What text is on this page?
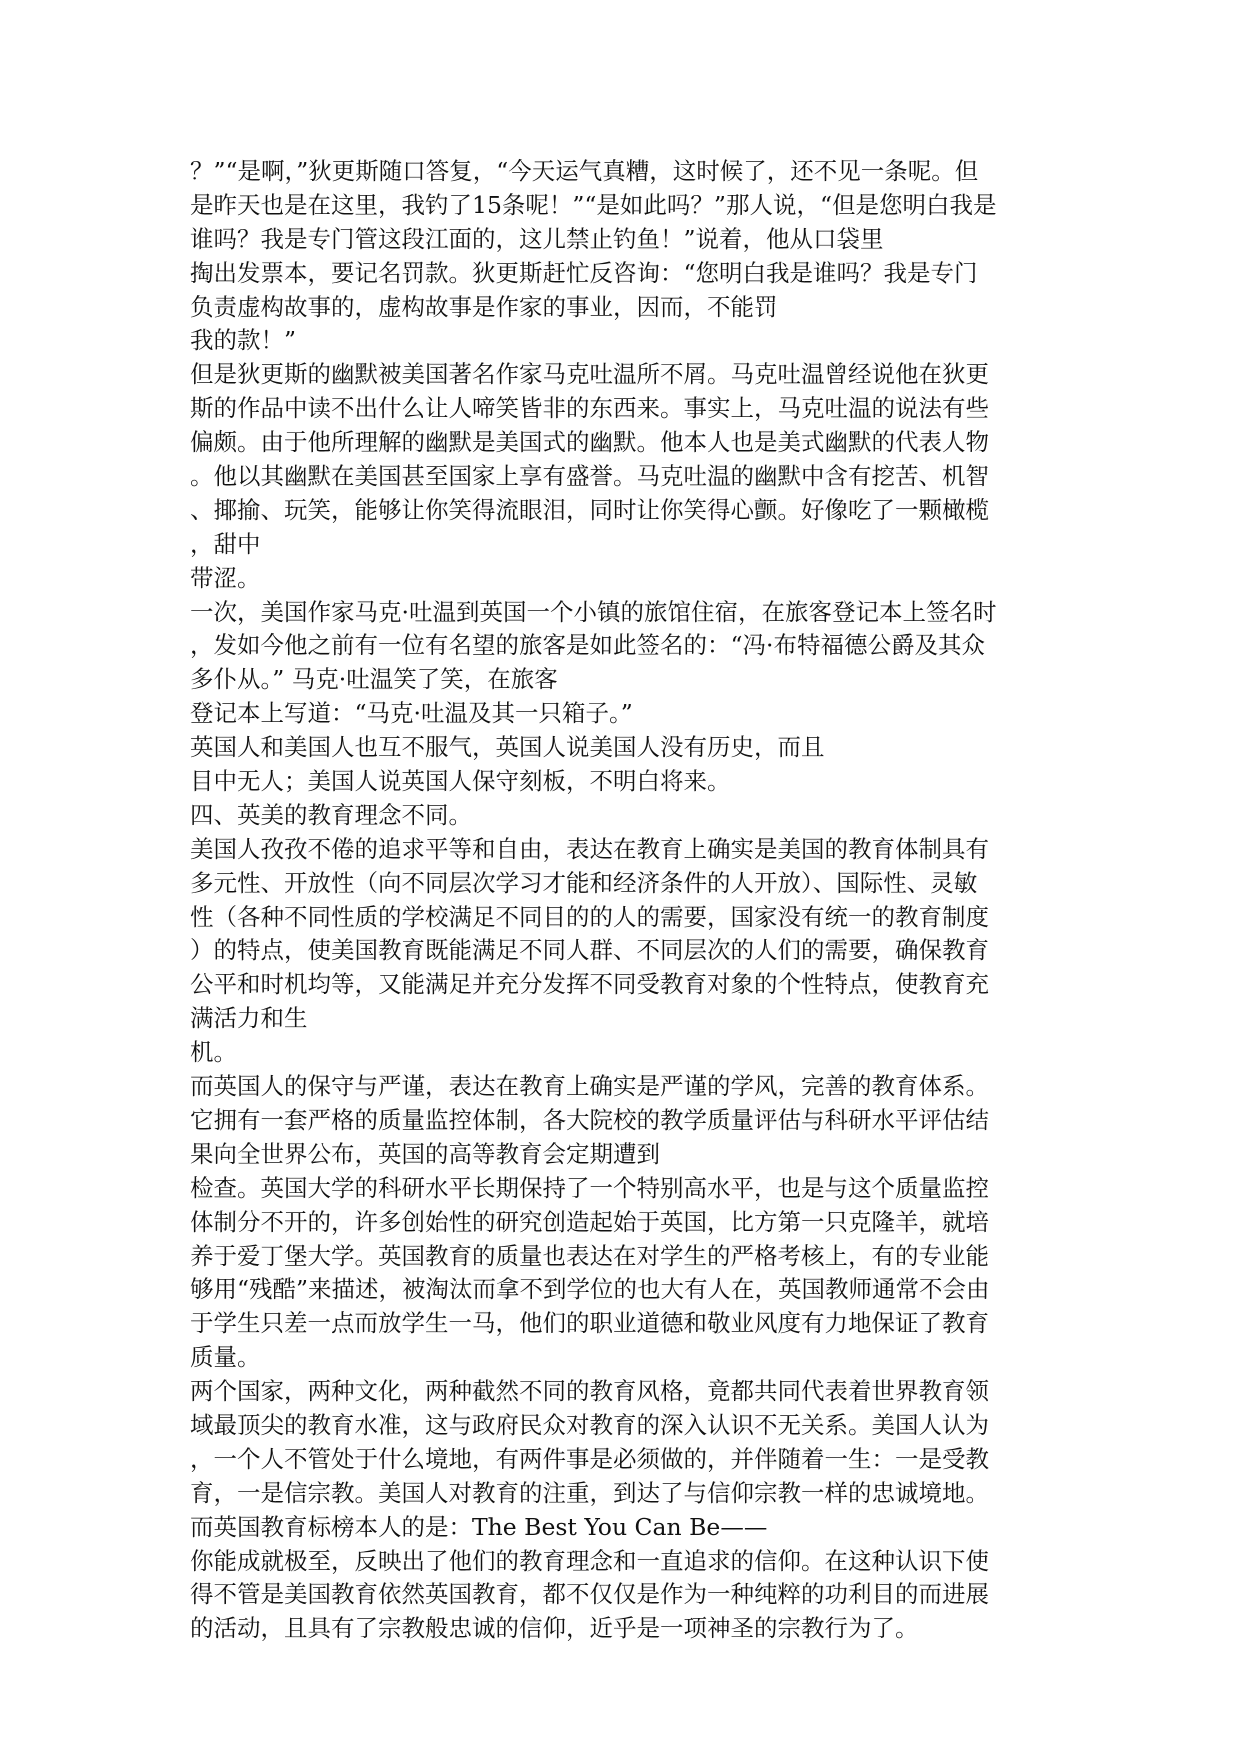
？”“是啊，”狄更斯随口答复，“今天运气真糟，这时候了，还不见一条呢。但
是昨天也是在这里，我钓了15条呢！”“是如此吗？”那人说，“但是您明白我是
谁吗？我是专门管这段江面的，这儿禁止钓鱼！”说着，他从口袋里
掏出发票本，要记名罚款。狄更斯赶忙反咨询：“您明白我是谁吗？我是专门
负责虚构故事的，虚构故事是作家的事业，因而，不能罚
我的款！”
但是狄更斯的幽默被美国著名作家马克吐温所不屑。马克吐温曾经说他在狄更
斯的作品中读不出什么让人啼笑皆非的东西来。事实上，马克吐温的说法有些
偏颇。由于他所理解的幽默是美国式的幽默。他本人也是美式幽默的代表人物
。他以其幽默在美国甚至国家上享有盛誉。马克吐温的幽默中含有挖苦、机智
、揶揄、玩笑，能够让你笑得流眼泪，同时让你笑得心颤。好像吃了一颗橄榄
，甜中
带涩。
一次，美国作家马克·吐温到英国一个小镇的旅馆住宿，在旅客登记本上签名时
，发如今他之前有一位有名望的旅客是如此签名的：“冯·布特福德公爵及其众
多仆从。” 马克·吐温笑了笑，在旅客
登记本上写道：“马克·吐温及其一只箱子。”
英国人和美国人也互不服气，英国人说美国人没有历史，而且
目中无人；美国人说英国人保守刻板，不明白将来。
四、英美的教育理念不同。
美国人孜孜不倦的追求平等和自由，表达在教育上确实是美国的教育体制具有
多元性、开放性（向不同层次学习才能和经济条件的人开放）、国际性、灵敏
性（各种不同性质的学校满足不同目的的人的需要，国家没有统一的教育制度
）的特点，使美国教育既能满足不同人群、不同层次的人们的需要，确保教育
公平和时机均等，又能满足并充分发挥不同受教育对象的个性特点，使教育充
满活力和生
机。
而英国人的保守与严谨，表达在教育上确实是严谨的学风，完善的教育体系。
它拥有一套严格的质量监控体制，各大院校的教学质量评估与科研水平评估结
果向全世界公布，英国的高等教育会定期遭到
检查。英国大学的科研水平长期保持了一个特别高水平，也是与这个质量监控
体制分不开的，许多创始性的研究创造起始于英国，比方第一只克隆羊，就培
养于爱丁堡大学。英国教育的质量也表达在对学生的严格考核上，有的专业能
够用“残酷”来描述，被淘汰而拿不到学位的也大有人在，英国教师通常不会由
于学生只差一点而放学生一马，他们的职业道德和敬业风度有力地保证了教育
质量。
两个国家，两种文化，两种截然不同的教育风格，竟都共同代表着世界教育领
域最顶尖的教育水准，这与政府民众对教育的深入认识不无关系。美国人认为
，一个人不管处于什么境地，有两件事是必须做的，并伴随着一生：一是受教
育，一是信宗教。美国人对教育的注重，到达了与信仰宗教一样的忠诚境地。
而英国教育标榜本人的是：The Best You Can Be——
你能成就极至，反映出了他们的教育理念和一直追求的信仰。在这种认识下使
得不管是美国教育依然英国教育，都不仅仅是作为一种纯粹的功利目的而进展
的活动，且具有了宗教般忠诚的信仰，近乎是一项神圣的宗教行为了。
